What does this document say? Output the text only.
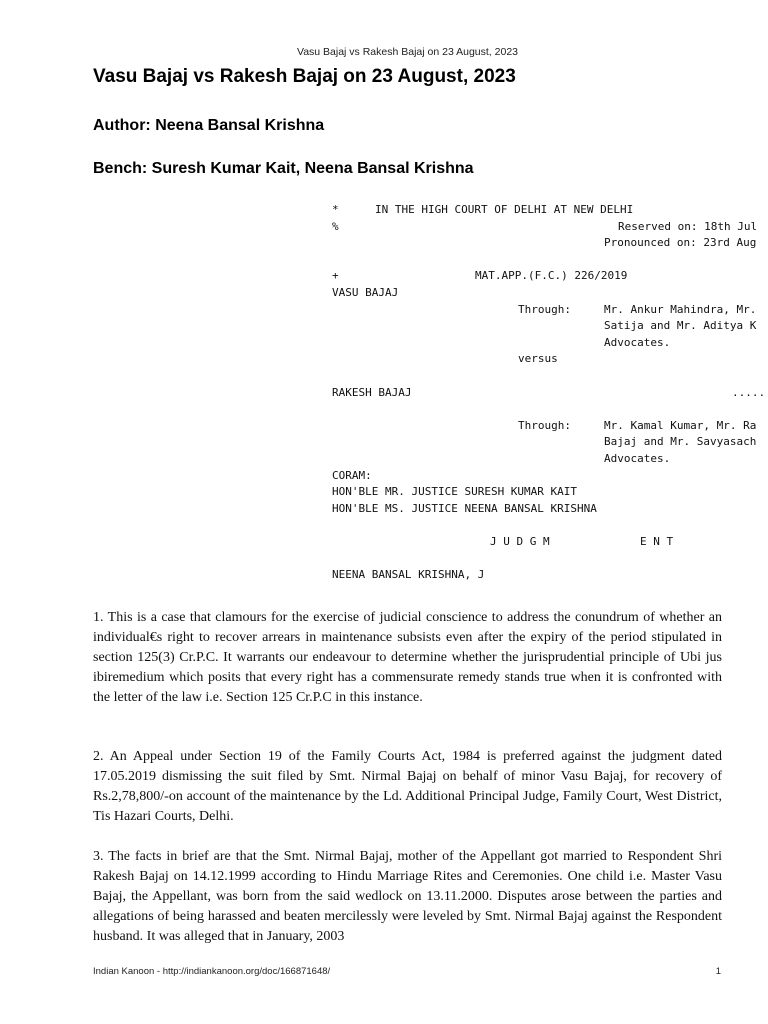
Vasu Bajaj vs Rakesh Bajaj on 23 August, 2023
Vasu Bajaj vs Rakesh Bajaj on 23 August, 2023
Author: Neena Bansal Krishna
Bench: Suresh Kumar Kait, Neena Bansal Krishna

*

	IN THE HIGH COURT OF DELHI AT NEW DELHI

%

	Reserved on: 18th Jul

Pronounced on: 23rd Aug

+

	MAT.APP.(F.C.) 226/2019

VASU BAJAJ

Through:

	Mr. Ankur Mahindra, Mr.

Satija and Mr. Aditya K

Advocates.

versus

RAKESH BAJAJ

	.....

Through:

	Mr. Kamal Kumar, Mr. Ra

Bajaj and Mr. Savyasach

Advocates.

CORAM:

HON'BLE MR. JUSTICE SURESH KUMAR KAIT

HON'BLE MS. JUSTICE NEENA BANSAL KRISHNA

J U D G M

	E N T

NEENA BANSAL KRISHNA, J

1. This is a case that clamours for the exercise of judicial conscience to address the conundrum of whether an individual€s right to recover arrears in maintenance subsists even after the expiry of the period stipulated in section 125(3) Cr.P.C. It warrants our endeavour to determine whether the jurisprudential principle of Ubi jus ibiremedium which posits that every right has a commensurate remedy stands true when it is confronted with the letter of the law i.e. Section 125 Cr.P.C in this instance.

2. An Appeal under Section 19 of the Family Courts Act, 1984 is preferred against the judgment dated 17.05.2019 dismissing the suit filed by Smt. Nirmal Bajaj on behalf of minor Vasu Bajaj, for recovery of Rs.2,78,800/-on account of the maintenance by the Ld. Additional Principal Judge, Family Court, West District, Tis Hazari Courts, Delhi.

3. The facts in brief are that the Smt. Nirmal Bajaj, mother of the Appellant got married to Respondent Shri Rakesh Bajaj on 14.12.1999 according to Hindu Marriage Rites and Ceremonies. One child i.e. Master Vasu Bajaj, the Appellant, was born from the said wedlock on 13.11.2000. Disputes arose between the parties and allegations of being harassed and beaten mercilessly were leveled by Smt. Nirmal Bajaj against the Respondent husband. It was alleged that in January, 2003

Indian Kanoon - http://indiankanoon.org/doc/166871648/	1
